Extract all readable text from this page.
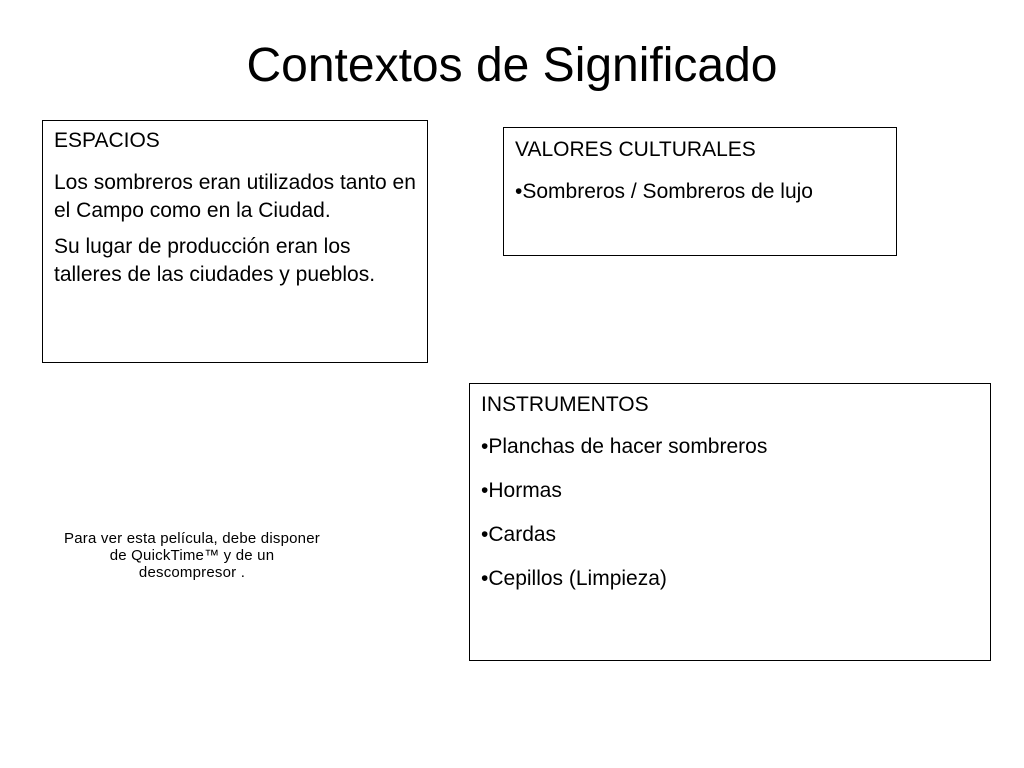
Contextos de Significado

ESPACIOS

Los sombreros eran utilizados tanto en el Campo como en la Ciudad.

Su lugar de producción eran los talleres de las ciudades y pueblos.

VALORES CULTURALES

•Sombreros / Sombreros de lujo

INSTRUMENTOS

•Planchas de hacer sombreros

•Hormas

•Cardas

•Cepillos (Limpieza)

Para ver esta película, debe disponer de QuickTime™ y de un descompresor .
